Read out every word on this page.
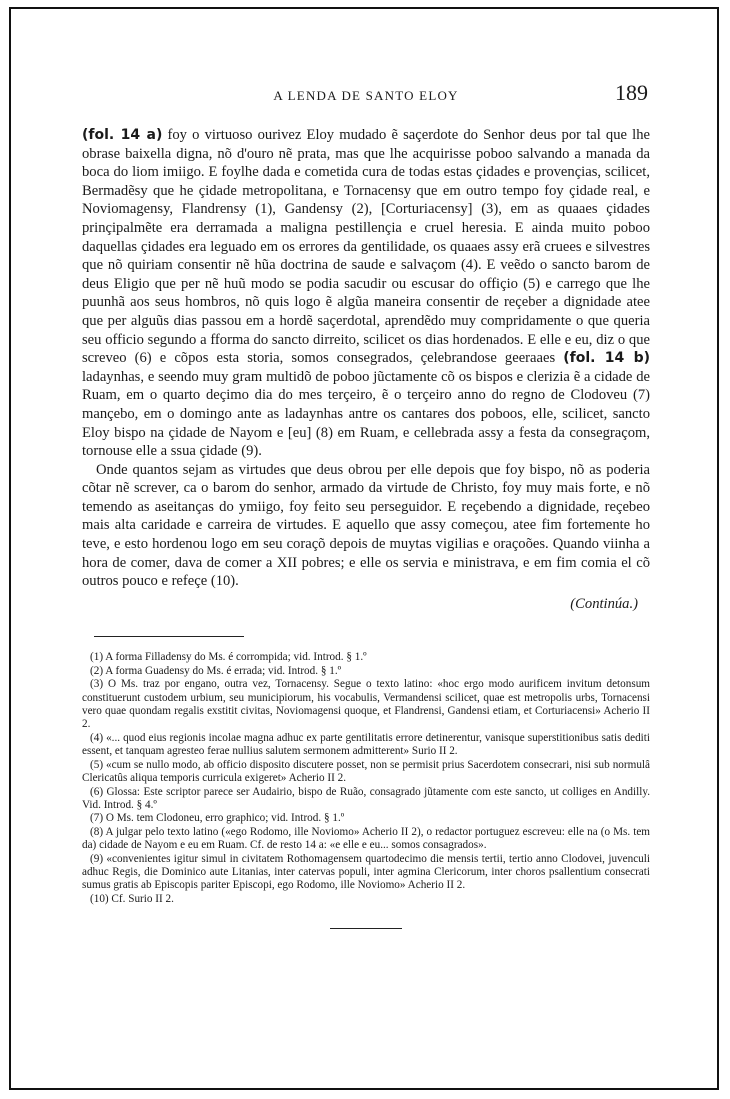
A LENDA DE SANTO ELOY	189

(fol. 14 a) foy o virtuoso ourivez Eloy mudado ẽ saçerdote do Senhor deus por tal que lhe obrase baixella digna, nõ d'ouro nẽ prata, mas que lhe acquirisse poboo salvando a manada da boca do liom imiigo. E foylhe dada e cometida cura de todas estas çidades e provençias, scilicet, Bermadẽsy que he çidade metropolitana, e Tornacensy que em outro tempo foy çidade real, e Noviomagensy, Flandrensy (1), Gandensy (2), [Corturiacensy] (3), em as quaaes çidades prinçipalmẽte era derramada a maligna pestillençia e cruel heresia. E ainda muito poboo daquellas çidades era leguado em os errores da gentilidade, os quaaes assy erã cruees e silvestres que nõ quiriam consentir nẽ hũa doctrina de saude e salvaçom (4). E veẽdo o sancto barom de deus Eligio que per nẽ huũ modo se podia sacudir ou escusar do offiçio (5) e carrego que lhe puunhã aos seus hombros, nõ quis logo ẽ algũa maneira consentir de reçeber a dignidade atee que per alguũs dias passou em a hordẽ saçerdotal, aprendẽdo muy compridamente o que queria seu officio segundo a fforma do sancto dirreito, scilicet os dias hordenados. E elle e eu, diz o que screveo (6) e cõpos esta storia, somos consegrados, çelebrandose geeraaes (fol. 14 b) ladaynhas, e seendo muy gram multidõ de poboo jũctamente cõ os bispos e clerizia ẽ a cidade de Ruam, em o quarto deçimo dia do mes terçeiro, ẽ o terçeiro anno do regno de Clodoveu (7) mançebo, em o domingo ante as ladaynhas antre os cantares dos poboos, elle, scilicet, sancto Eloy bispo na çidade de Nayom e [eu] (8) em Ruam, e cellebrada assy a festa da consegraçom, tornouse elle a ssua çidade (9).

Onde quantos sejam as virtudes que deus obrou per elle depois que foy bispo, nõ as poderia cõtar nẽ screver, ca o barom do senhor, armado da virtude de Christo, foy muy mais forte, e nõ temendo as aseitanças do ymiigo, foy feito seu perseguidor. E reçebendo a dignidade, reçebeo mais alta caridade e carreira de virtudes. E aquello que assy começou, atee fim fortemente ho teve, e esto hordenou logo em seu coraçõ depois de muytas vigilias e oraçoões. Quando viinha a hora de comer, dava de comer a XII pobres; e elle os servia e ministrava, e em fim comia el cõ outros pouco e refeçe (10).

(Continúa.)

(1) A forma Filladensy do Ms. é corrompida; vid. Introd. § 1.º

(2) A forma Guadensy do Ms. é errada; vid. Introd. § 1.º

(3) O Ms. traz por engano, outra vez, Tornacensy. Segue o texto latino: «hoc ergo modo aurificem invitum detonsum constituerunt custodem urbium, seu municipiorum, his vocabulis, Vermandensi scilicet, quae est metropolis urbs, Tornacensi vero quae quondam regalis exstitit civitas, Noviomagensi quoque, et Flandrensi, Gandensi etiam, et Corturiacensi» Acherio II 2.

(4) «... quod eius regionis incolae magna adhuc ex parte gentilitatis errore detinerentur, vanisque superstitionibus satis dediti essent, et tanquam agresteo ferae nullius salutem sermonem admitterent» Surio II 2.

(5) «cum se nullo modo, ab officio disposito discutere posset, non se permisit prius Sacerdotem consecrari, nisi sub normulâ Clericatûs aliqua temporis curricula exigeret» Acherio II 2.

(6) Glossa: Este scriptor parece ser Audairio, bispo de Ruão, consagrado jũtamente com este sancto, ut colliges en Andilly. Vid. Introd. § 4.º

(7) O Ms. tem Clodoneu, erro graphico; vid. Introd. § 1.º

(8) A julgar pelo texto latino («ego Rodomo, ille Noviomo» Acherio II 2), o redactor portuguez escreveu: elle na (o Ms. tem da) cidade de Nayom e eu em Ruam. Cf. de resto 14 a: «e elle e eu... somos consagrados».

(9) «convenientes igitur simul in civitatem Rothomagensem quartodecimo die mensis tertii, tertio anno Clodovei, juvenculi adhuc Regis, die Dominico aute Litanias, inter catervas populi, inter agmina Clericorum, inter choros psallentium consecrati sumus gratis ab Episcopis pariter Episcopi, ego Rodomo, ille Noviomo» Acherio II 2.

(10) Cf. Surio II 2.
